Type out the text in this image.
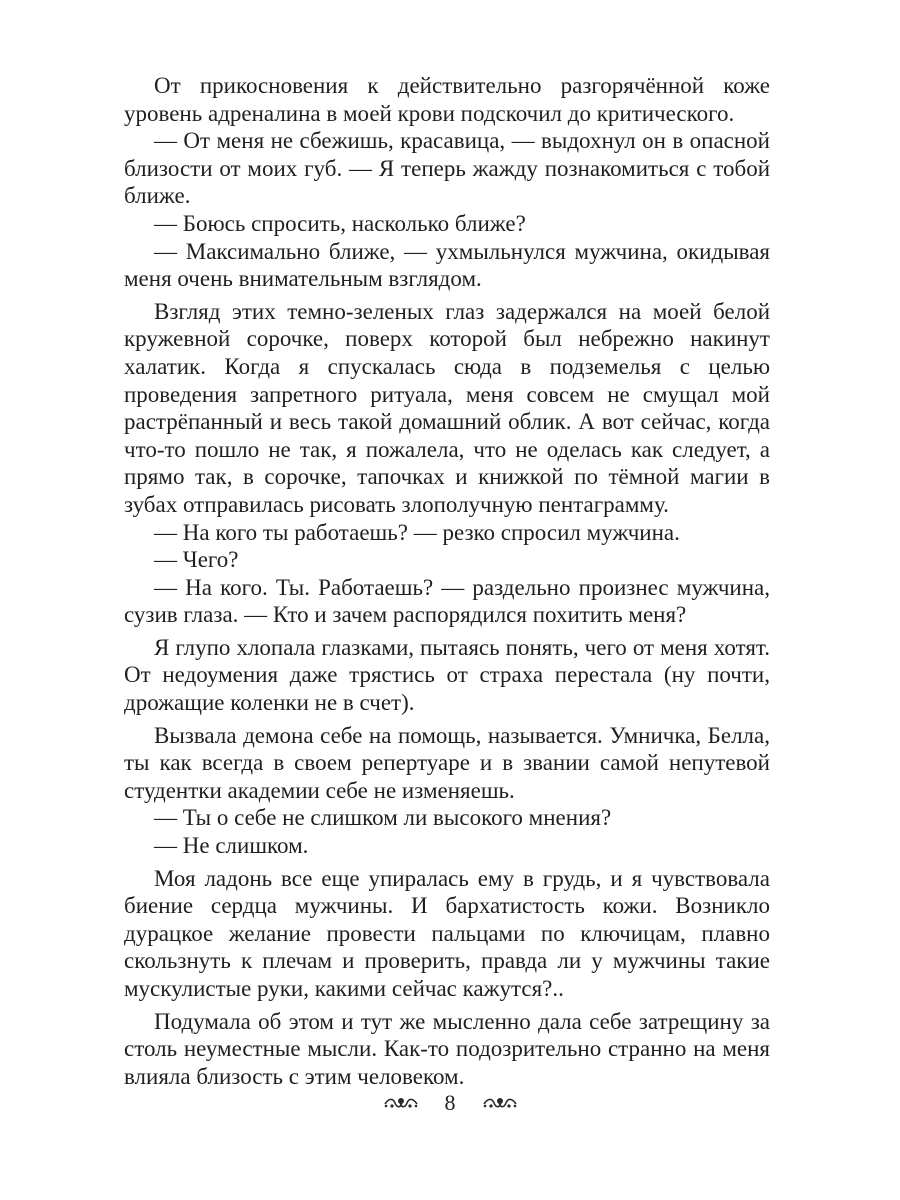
От прикосновения к действительно разгорячённой коже уровень адреналина в моей крови подскочил до критического.

— От меня не сбежишь, красавица, — выдохнул он в опасной близости от моих губ. — Я теперь жажду познакомиться с тобой ближе.

— Боюсь спросить, насколько ближе?

— Максимально ближе, — ухмыльнулся мужчина, окидывая меня очень внимательным взглядом.

Взгляд этих темно-зеленых глаз задержался на моей белой кружевной сорочке, поверх которой был небрежно накинут халатик. Когда я спускалась сюда в подземелья с целью проведения запретного ритуала, меня совсем не смущал мой растрёпанный и весь такой домашний облик. А вот сейчас, когда что-то пошло не так, я пожалела, что не оделась как следует, а прямо так, в сорочке, тапочках и книжкой по тёмной магии в зубах отправилась рисовать злополучную пентаграмму.

— На кого ты работаешь? — резко спросил мужчина.

— Чего?

— На кого. Ты. Работаешь? — раздельно произнес мужчина, сузив глаза. — Кто и зачем распорядился похитить меня?

Я глупо хлопала глазками, пытаясь понять, чего от меня хотят. От недоумения даже трястись от страха перестала (ну почти, дрожащие коленки не в счет).

Вызвала демона себе на помощь, называется. Умничка, Белла, ты как всегда в своем репертуаре и в звании самой непутевой студентки академии себе не изменяешь.

— Ты о себе не слишком ли высокого мнения?

— Не слишком.

Моя ладонь все еще упиралась ему в грудь, и я чувствовала биение сердца мужчины. И бархатистость кожи. Возникло дурацкое желание провести пальцами по ключицам, плавно скользнуть к плечам и проверить, правда ли у мужчины такие мускулистые руки, какими сейчас кажутся?..

Подумала об этом и тут же мысленно дала себе затрещину за столь неуместные мысли. Как-то подозрительно странно на меня влияла близость с этим человеком.

8
